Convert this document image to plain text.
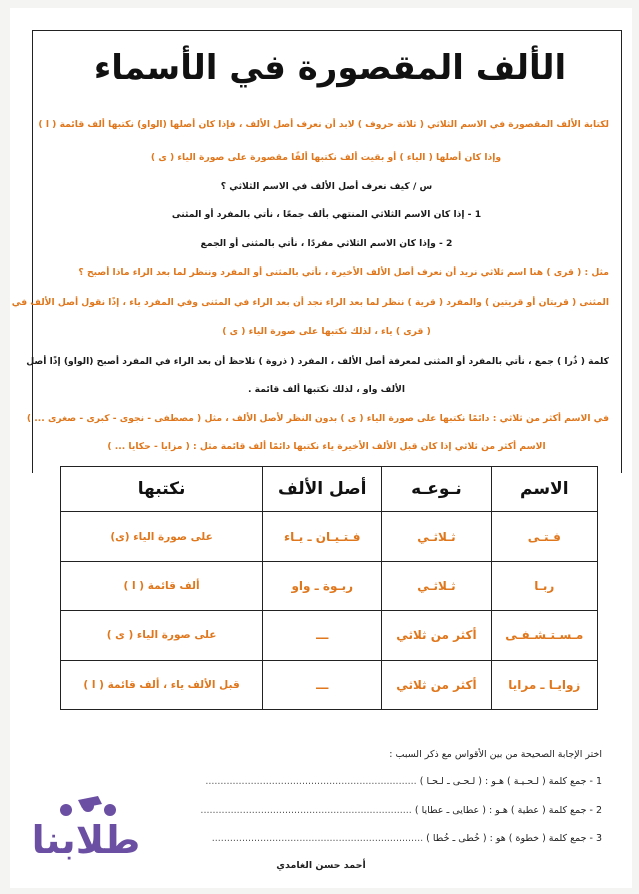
الألف المقصورة في الأسماء
لكتابة الألف المقصورة في الاسم الثلاثي ( ثلاثة حروف ) لابد أن نعرف أصل الألف ، فإذا كان أصلها (الواو) نكتبها ألف قائمة ( ا )
وإذا كان أصلها ( الياء ) أو بقيت ألف نكتبها ألفًا مقصورة على صورة الياء ( ى )
س / كيف نعرف أصل الألف في الاسم الثلاثي ؟
1 - إذا كان الاسم الثلاثي المنتهي بألف جمعًا ، نأتي بالمفرد أو المثنى
2 - وإذا كان الاسم الثلاثي مفردًا ، نأتي بالمثنى أو الجمع
مثل : ( قرى ) هنا اسم ثلاثي نريد أن نعرف أصل الألف الأخيرة ، نأتي بالمثنى أو المفرد وننظر لما بعد الراء ماذا أصبح ؟
المثنى ( قريتان أو قريتين ) والمفرد ( قرية ) ننظر لما بعد الراء نجد أن بعد الراء في المثنى وفي المفرد ياء ، إذًا نقول أصل الألف في
( قرى ) ياء ، لذلك نكتبها على صورة الياء ( ى )
كلمة ( ذُرا ) جمع ، نأتي بالمفرد أو المثنى لمعرفة أصل الألف ، المفرد ( ذروة ) نلاحظ أن بعد الراء في المفرد أصبح (الواو) إذًا أصل
الألف واو ، لذلك نكتبها ألف قائمة .
في الاسم أكثر من ثلاثي : دائمًا نكتبها على صورة الياء ( ى ) بدون النظر لأصل الألف ، مثل ( مصطفى - نجوى - كبرى - صغرى ... )
الاسم أكثر من ثلاثي إذا كان قبل الألف الأخيرة ياء نكتبها دائمًا ألف قائمة مثل : ( مزايا - حكايا ... )
الاسم	نـوعـه	أصل الألف	نكتبها
فـتـى	ثـلاثـي	فـتـيـان ـ يـاء	على صورة الياء (ى)
ربـا	ثـلاثـي	ربـوة ـ واو	ألف قائمة ( ا )
مـسـتـشـفـى	أكثر من ثلاثي	ـــ	على صورة الياء ( ى )
زوايـا ـ مرايا	أكثر من ثلاثي	ـــ	قبل الألف ياء ، ألف قائمة ( ا )
اختر الإجابة الصحيحة من بين الأقواس مع ذكر السبب :
1 - جمع كلمة ( لـحـيـة ) هـو : ( لـحـى ـ لـحـا ) ......................................................................
2 - جمع كلمة ( عطية ) هـو : ( عطايى ـ عطايا ) ......................................................................
3 - جمع كلمة ( خطوة ) هو : ( خُطى ـ خُطا ) ......................................................................
أحمد حسن الغامدي
طلابنا
